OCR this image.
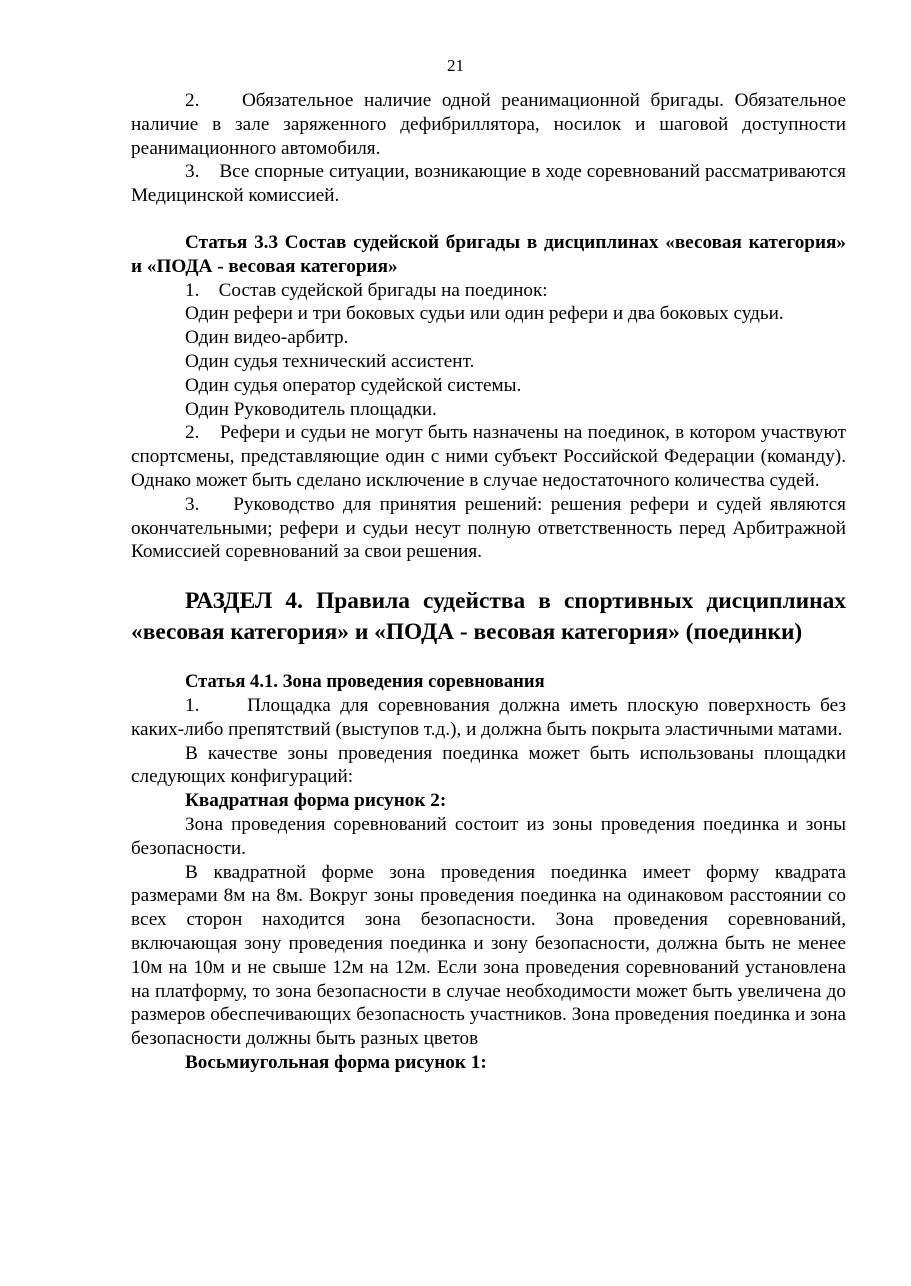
21

2. Обязательное наличие одной реанимационной бригады. Обязательное наличие в зале заряженного дефибриллятора, носилок и шаговой доступности реанимационного автомобиля.

3. Все спорные ситуации, возникающие в ходе соревнований рассматриваются Медицинской комиссией.

Статья 3.3 Состав судейской бригады в дисциплинах «весовая категория» и «ПОДА - весовая категория»

1. Состав судейской бригады на поединок:

Один рефери и три боковых судьи или один рефери и два боковых судьи.

Один видео-арбитр.

Один судья технический ассистент.

Один судья оператор судейской системы.

Один Руководитель площадки.

2. Рефери и судьи не могут быть назначены на поединок, в котором участвуют спортсмены, представляющие один с ними субъект Российской Федерации (команду). Однако может быть сделано исключение в случае недостаточного количества судей.

3. Руководство для принятия решений: решения рефери и судей являются окончательными; рефери и судьи несут полную ответственность перед Арбитражной Комиссией соревнований за свои решения.

РАЗДЕЛ 4. Правила судейства в спортивных дисциплинах «весовая категория» и «ПОДА - весовая категория» (поединки)

Статья 4.1. Зона проведения соревнования

1. Площадка для соревнования должна иметь плоскую поверхность без каких-либо препятствий (выступов т.д.), и должна быть покрыта эластичными матами.

В качестве зоны проведения поединка может быть использованы площадки следующих конфигураций:

Квадратная форма рисунок 2:

Зона проведения соревнований состоит из зоны проведения поединка и зоны безопасности.

В квадратной форме зона проведения поединка имеет форму квадрата размерами 8м на 8м. Вокруг зоны проведения поединка на одинаковом расстоянии со всех сторон находится зона безопасности. Зона проведения соревнований, включающая зону проведения поединка и зону безопасности, должна быть не менее 10м на 10м и не свыше 12м на 12м. Если зона проведения соревнований установлена на платформу, то зона безопасности в случае необходимости может быть увеличена до размеров обеспечивающих безопасность участников. Зона проведения поединка и зона безопасности должны быть разных цветов

Восьмиугольная форма рисунок 1:
